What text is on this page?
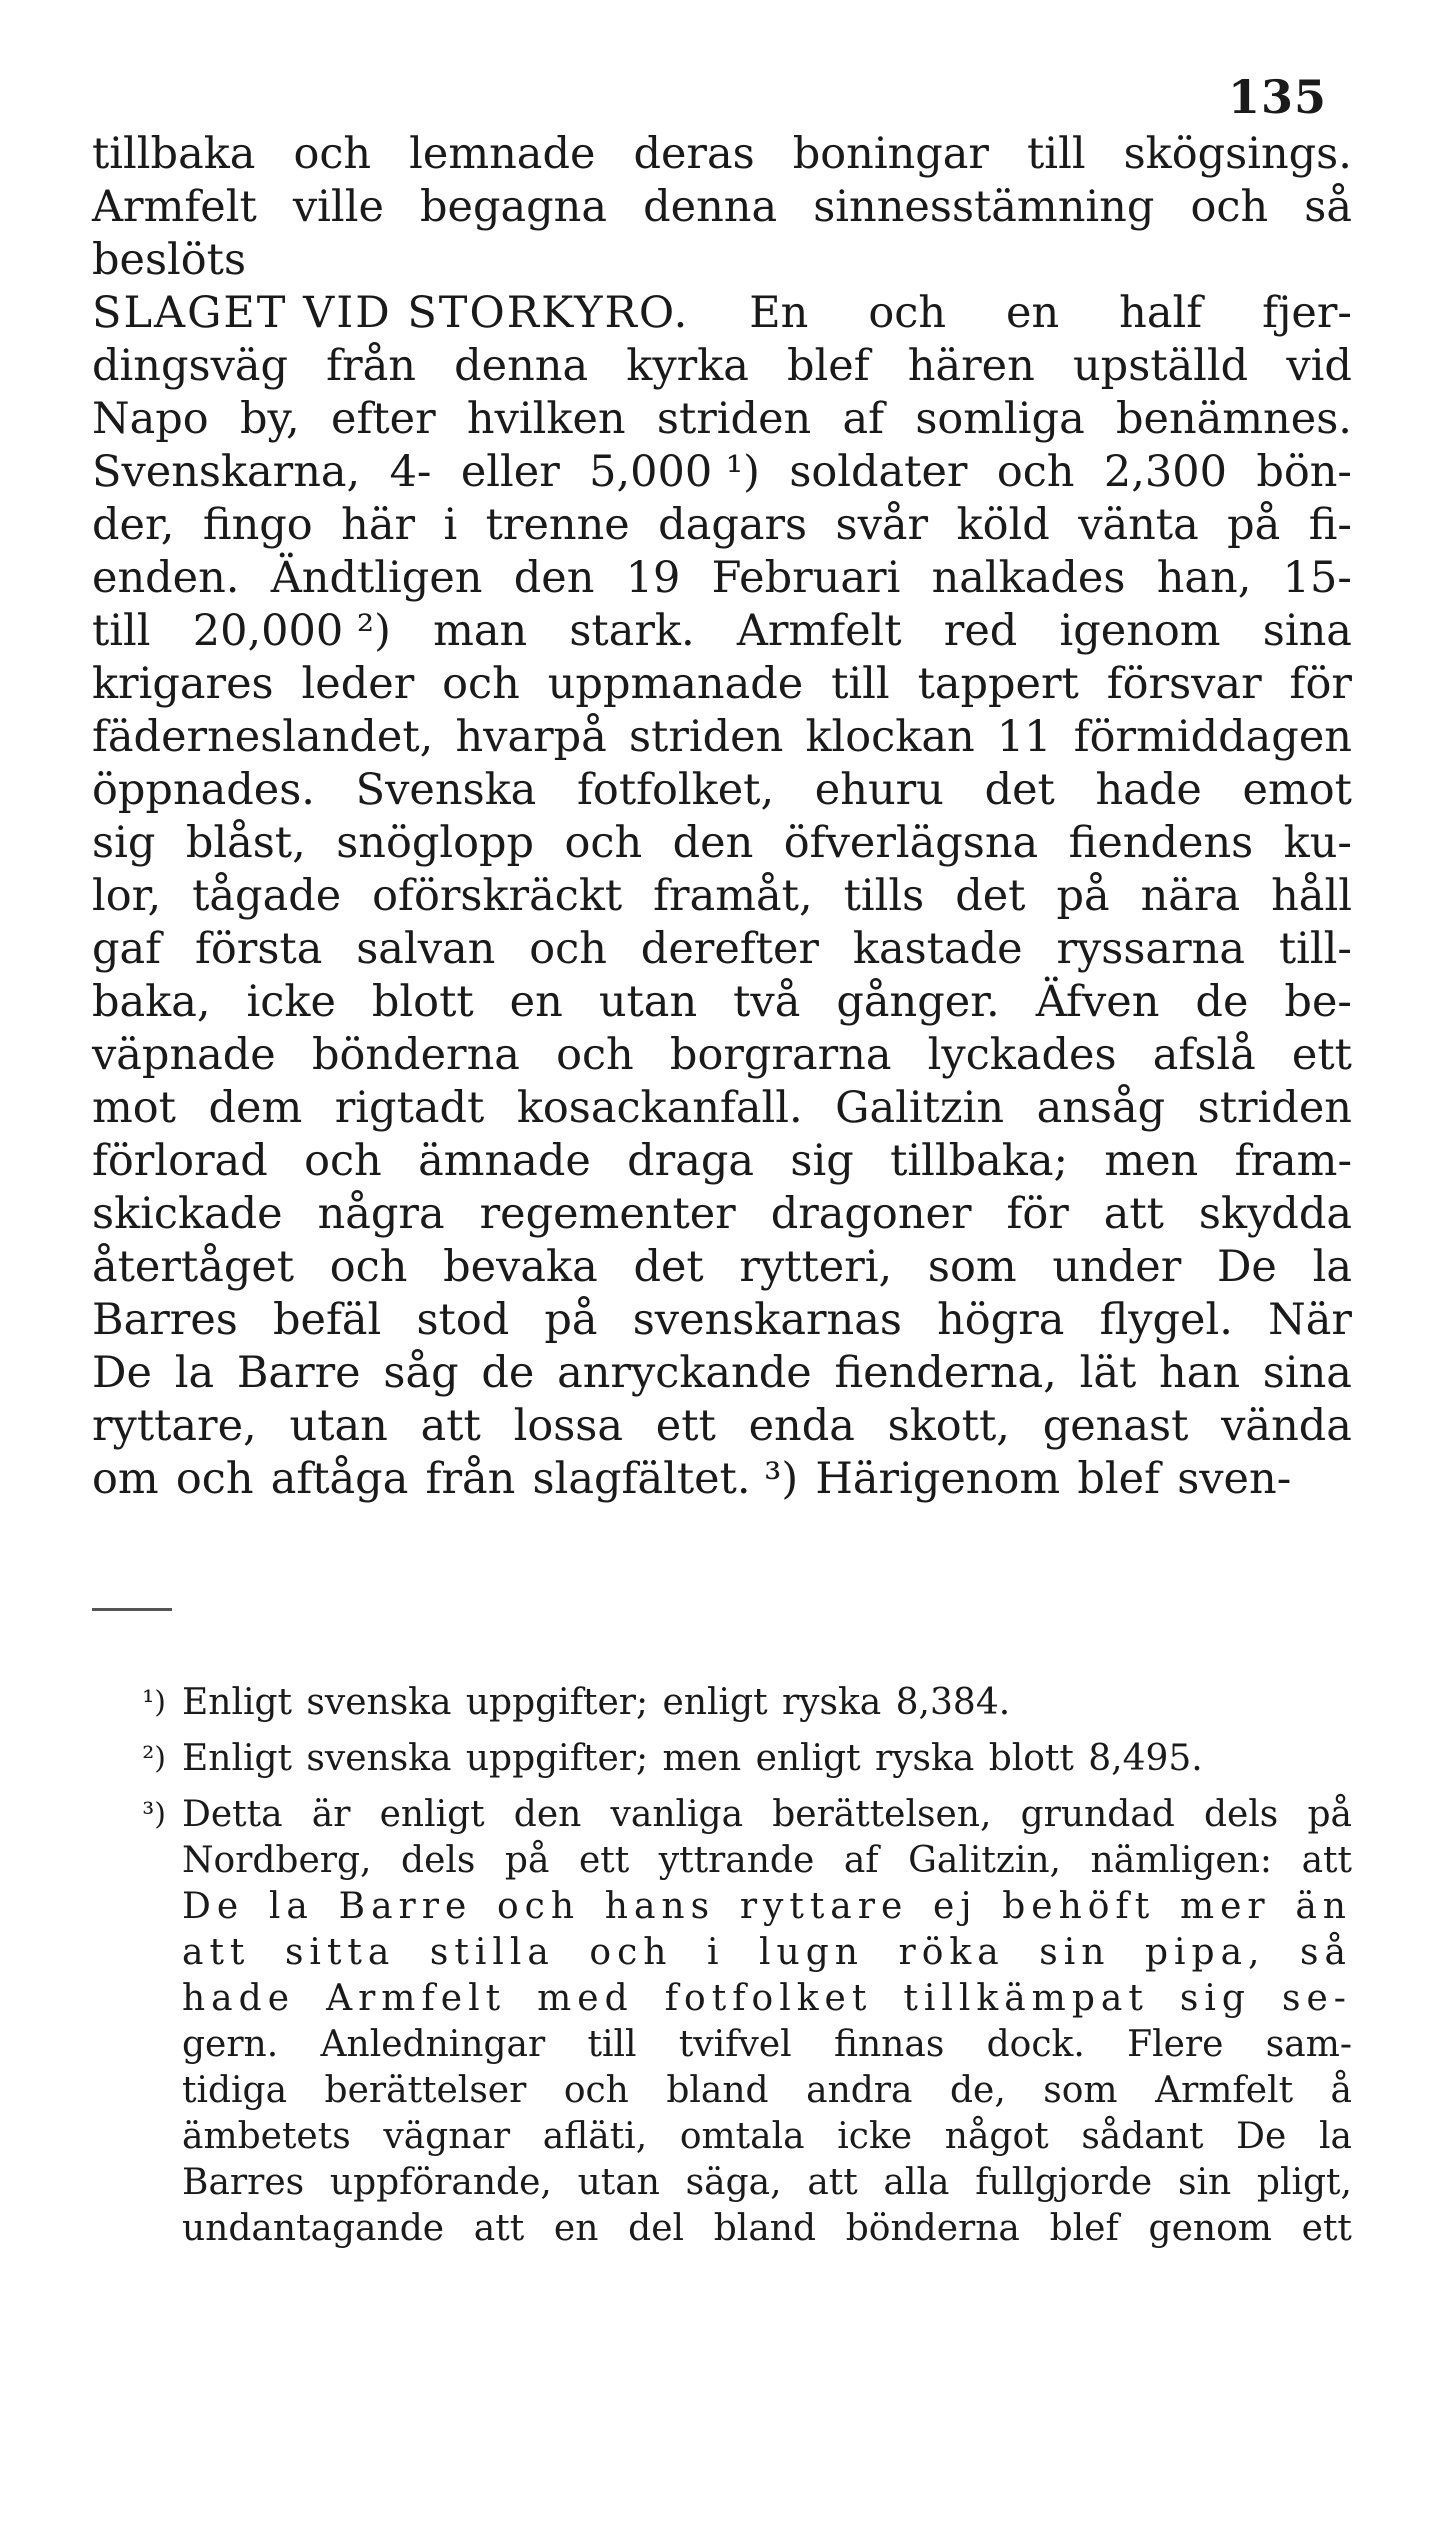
135
tillbaka och lemnade deras boningar till skögsings.
Armfelt ville begagna denna sinnesstämning och så
beslöts
SLAGET VID STORKYRO. En och en half fjer-
dingsväg från denna kyrka blef hären upställd vid
Napo by, efter hvilken striden af somliga benämnes.
Svenskarna, 4- eller 5,000 ¹) soldater och 2,300 bön-
der, fingo här i trenne dagars svår köld vänta på fi-
enden. Ändtligen den 19 Februari nalkades han, 15-
till 20,000 ²) man stark. Armfelt red igenom sina
krigares leder och uppmanade till tappert försvar för
fäderneslandet, hvarpå striden klockan 11 förmiddagen
öppnades. Svenska fotfolket, ehuru det hade emot
sig blåst, snöglopp och den öfverlägsna fiendens ku-
lor, tågade oförskräckt framåt, tills det på nära håll
gaf första salvan och derefter kastade ryssarna till-
baka, icke blott en utan två gånger. Äfven de be-
väpnade bönderna och borgrarna lyckades afslå ett
mot dem rigtadt kosackanfall. Galitzin ansåg striden
förlorad och ämnade draga sig tillbaka; men fram-
skickade några regementer dragoner för att skydda
återtåget och bevaka det rytteri, som under De la
Barres befäl stod på svenskarnas högra flygel. När
De la Barre såg de anryckande fienderna, lät han sina
ryttare, utan att lossa ett enda skott, genast vända
om och aftåga från slagfältet. ³) Härigenom blef sven-
¹) Enligt svenska uppgifter; enligt ryska 8,384.
²) Enligt svenska uppgifter; men enligt ryska blott 8,495.
³) Detta är enligt den vanliga berättelsen, grundad dels på
Nordberg, dels på ett yttrande af Galitzin, nämligen: att
De la Barre och hans ryttare ej behöft mer än
att sitta stilla och i lugn röka sin pipa, så
hade Armfelt med fotfolket tillkämpat sig se-
gern. Anledningar till tvifvel finnas dock. Flere sam-
tidiga berättelser och bland andra de, som Armfelt å
ämbetets vägnar afläti, omtala icke något sådant De la
Barres uppförande, utan säga, att alla fullgjorde sin pligt,
undantagande att en del bland bönderna blef genom ett
